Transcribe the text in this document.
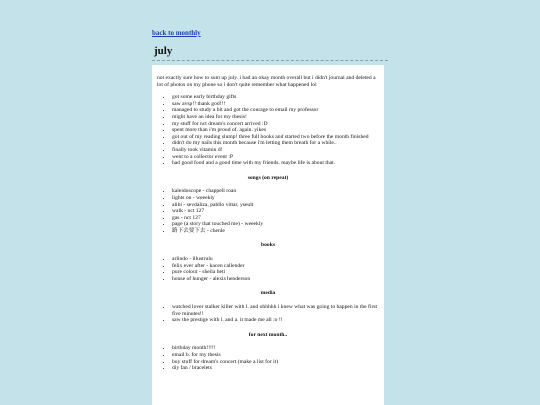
back to monthly
july

not exactly sure how to sum up july. i had an okay month overall but i didn't journal and deleted a lot of photos on my phone so i don't quite remember what happened lol

• got some early birthday gifts
• saw avsp!! thank god!!!
• managed to study a bit and got the courage to email my professor
• might have an idea for my thesis!
• my stuff for nct dream's concert arrived :D
• spent more than i'm proud of. again. yikes
• got out of my reading slump! three full books and started two before the month finished
• didn't do my nails this month because i'm letting them breath for a while..
• finally took vitamin d!
• went to a collector event :P
• had good food and a good time with my friends. maybe life is about that.
songs (on repeat)
• kaleidoscope - chappell roan
• lights on - weeekly
• alibi - sevdaliza, pabllo vittar, yseult
• walk - nct 127
• gas - nct 127
• page (a story that touched me) - weeekly
• 路下去要下去 - chenle
books
• arlindo - illustrulu
• felix ever after - kacen callender
• pure colour - sheila heti
• house of hunger - alexis henderson
media
• watched lover stalker killer with l. and ohhhhh i knew what was going to happen in the first five minutes!!
• saw the prestige with l. and a. it made me all :o !!
for next month..
• birthday month!!!!!
• email b. for my thesis
• buy stuff for dream's concert (make a list for it)
• diy fan / bracelets
